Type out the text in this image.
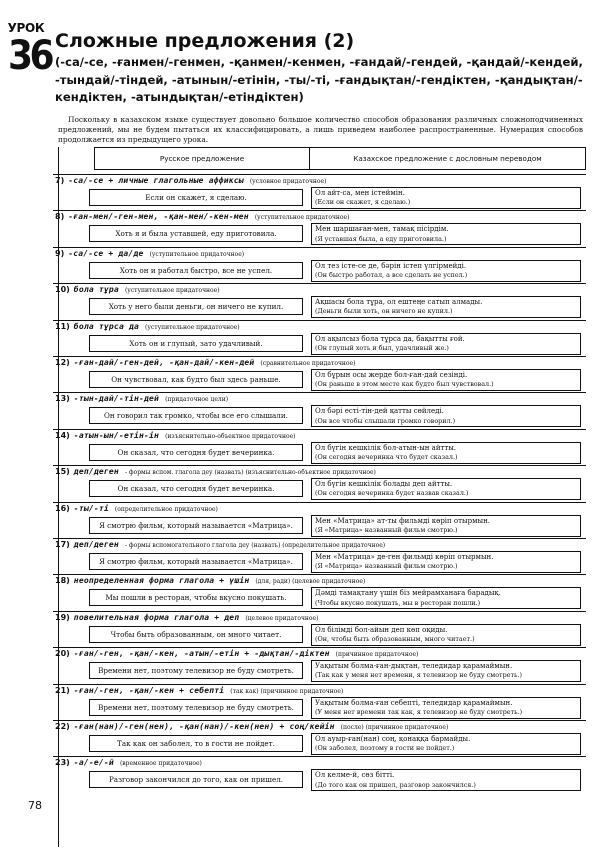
УРОК
36 Сложные предложения (2)
(-са/-се, -ғанмен/-генмен, -қанмен/-кенмен, -ғандай/-гендей, -қандай/-кендей, -тындай/-тіндей, -атынын/-етінін, -ты/-ті, -ғандықтан/-гендіктен, -қандықтан/-кендіктен, -атындықтан/-етіндіктен)
Поскольку в казахском языке существует довольно большое количество способов образования различных сложноподчиненных предложений, мы не будем пытаться их классифицировать, а лишь приведем наиболее распространенные. Нумерация способов продолжается из предыдущего урока.
Русское предложение	Казахское предложение с дословным переводом
7) -са/-се + личные глагольные аффиксы (условное придаточное)
Если он скажет, я сделаю.	Ол айт-са, мен істеймін.
(Если он скажет, я сделаю.)
8) -ған-мен/-ген-мен, -қан-мен/-кен-мен (уступительное придаточное)
Хоть я и была уставшей, еду приготовила.	Мен шаршаған-мен, тамақ пісірдім.
(Я уставшая была, а еду приготовила.)
9) -са/-се + да/де (уступительное придаточное)
Хоть он и работал быстро, все не успел.	Ол тез істе-се де, бәрін істеп үлгірмейді.
(Он быстро работал, а все сделать не успел.)
10) бола тұра (уступительное придаточное)
Хоть у него были деньги, он ничего не купил.	Ақшасы бола тұра, ол ештеңе сатып алмады.
(Деньги были хоть, он ничего не купил.)
11) бола тұрса да (уступительное придаточное)
Хоть он и глупый, зато удачливый.	Ол ақылсыз бола тұрса да, бақытты ғой.
(Он глупый хоть и был, удачливый же.)
12) -ған-дай/-ген-дей, -қан-дай/-кен-дей (сравнительное придаточное)
Он чувствовал, как будто был здесь раньше.	Ол бұрын осы жерде бол-ған-дай сезінді.
(Он раньше в этом месте как будто был чувствовал.)
13) -тын-дай/-тін-дей (придаточное цели)
Он говорил так громко, чтобы все его слышали.	Ол бәрі есті-тін-дей қатты сөйледі.
(Он все чтобы слышали громко говорил.)
14) -атын-ын/-етін-ін (изъяснительно-объектное придаточное)
Он сказал, что сегодня будет вечеринка.	Ол бүгін кешкілік бол-атын-ын айтты.
(Он сегодня вечеринка что будет сказал.)
15) деп/деген - формы вспом. глагола деу (назвать) (изъяснительно-объектное придаточное)
Он сказал, что сегодня будет вечеринка.	Ол бүгін кешкілік болады деп айтты.
(Он сегодня вечеринка будет назвав сказал.)
16) -ты/-ті (определительное придаточное)
Я смотрю фильм, который называется «Матрица».	Мен «Матрица» ат-ты фильмді көріп отырмын.
(Я «Матрица» названный фильм смотрю.)
17) деп/деген - формы вспомогательного глагола деу (назвать) (определительное придаточное)
Я смотрю фильм, который называется «Матрица».	Мен «Матрица» де-ген фильмді көріп отырмын.
(Я «Матрица» названный фильм смотрю.)
18) неопределенная форма глагола + үшін (для, ради) (целевое придаточное)
Мы пошли в ресторан, чтобы вкусно покушать.	Дәмді тамақтану үшін біз мейрамханаға барадық.
(Чтобы вкусно покушать, мы в ресторан пошли.)
19) повелительная форма глагола + деп (целевое придаточное)
Чтобы быть образованным, он много читает.	Ол білімді бол-айын деп көп оқиды.
(Он, чтобы быть образованным, много читает.)
20) -ған/-ген, -қан/-кен, -атын/-етін + -дықтан/-діктен (причинное придаточное)
Времени нет, поэтому телевизор не буду смотреть.	Уақытым болма-ған-дықтан, теледидар қарамаймын.
(Так как у меня нет времени, я телевизор не буду смотреть.)
21) -ған/-ген, -қан/-кен + себепті (так как) (причинное придаточное)
Времени нет, поэтому телевизор не буду смотреть.	Уақытым болма-ған себепті, теледидар қарамаймын.
(У меня нет времени так как, я телевизор не буду смотреть.)
22) -ған(нан)/-ген(нен), -қан(нан)/-кен(нен) + соң/кейін (после) (причинное придаточное)
Так как он заболел, то в гости не пойдет.	Ол ауыр-ған(нан) соң, қонаққа бармайды.
(Он заболел, поэтому в гости не пойдет.)
23) -а/-е/-й (временное придаточное)
Разговор закончился до того, как он пришел.	Ол келме-й, сөз бітті.
(До того как он пришел, разговор закончился.)
78
